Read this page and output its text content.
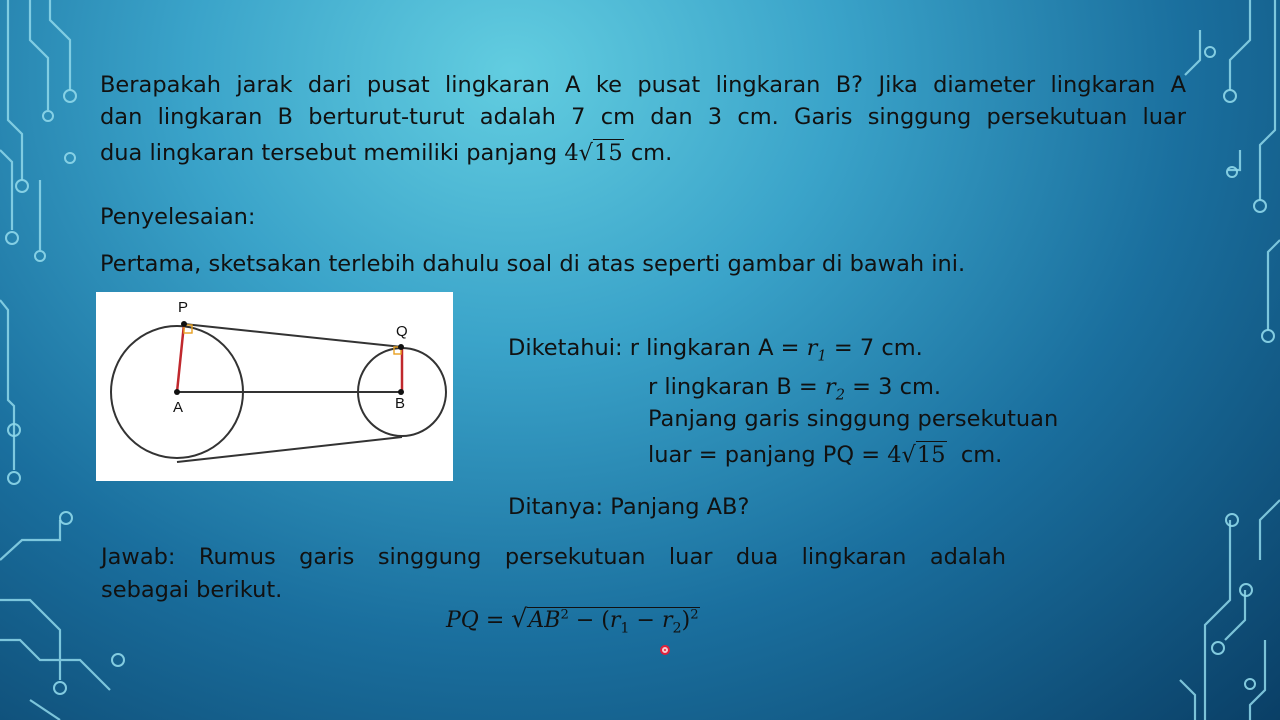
Berapakah jarak dari pusat lingkaran A ke pusat lingkaran B? Jika diameter lingkaran A

dan lingkaran B berturut-turut adalah 7 cm dan 3 cm. Garis singgung persekutuan luar

dua lingkaran tersebut memiliki panjang 4√15 cm.

Penyelesaian:

Pertama, sketsakan terlebih dahulu soal di atas seperti gambar di bawah ini.

P
Q
A	B

Diketahui: r lingkaran $A = r_1 = 7$ cm.

r lingkaran $B = r_2 = 3$ cm.

Panjang garis singgung persekutuan

luar = panjang PQ = 4√15 cm.

Ditanya: Panjang AB?

Jawab: Rumus garis singgung persekutuan luar dua lingkaran adalah

sebagai berikut.

PQ = $√AB^2 - (r_1 - r_2)^2$
